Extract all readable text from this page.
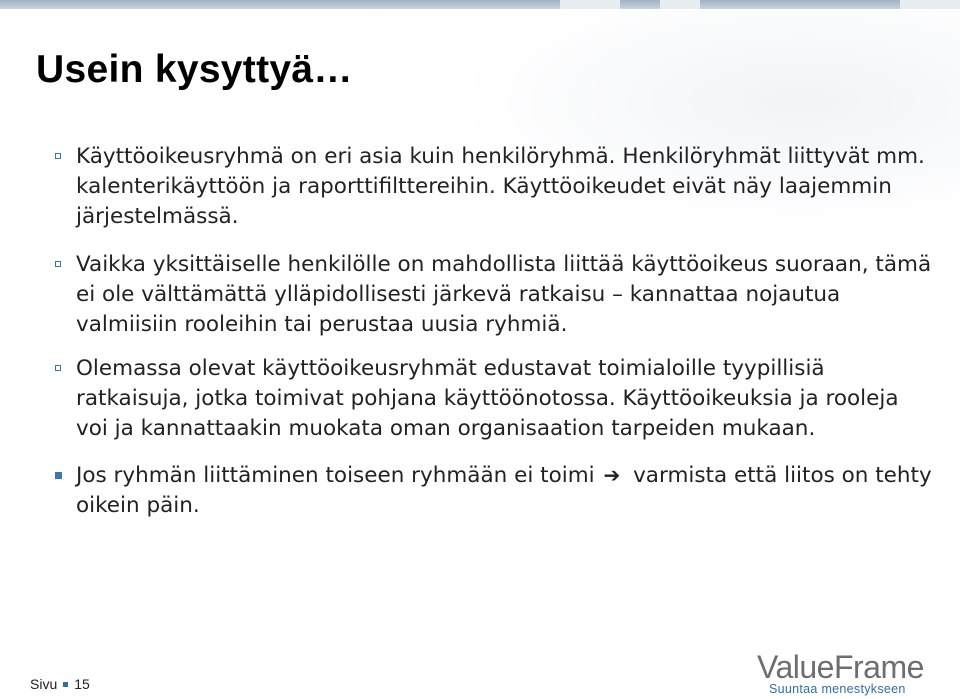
Usein kysyttyä…
Käyttöoikeusryhmä on eri asia kuin henkilöryhmä. Henkilöryhmät liittyvät mm. kalenterikäyttöön ja raporttifilttereihin. Käyttöoikeudet eivät näy laajemmin järjestelmässä.
Vaikka yksittäiselle henkilölle on mahdollista liittää käyttöoikeus suoraan, tämä ei ole välttämättä ylläpidollisesti järkevä ratkaisu – kannattaa nojautua valmiisiin rooleihin tai perustaa uusia ryhmiä.
Olemassa olevat käyttöoikeusryhmät edustavat toimialoille tyypillisiä ratkaisuja, jotka toimivat pohjana käyttöönotossa. Käyttöoikeuksia ja rooleja voi ja kannattaakin muokata oman organisaation tarpeiden mukaan.
Jos ryhmän liittäminen toiseen ryhmään ei toimi ➔ varmista että liitos on tehty oikein päin.
Sivu 15	ValueFrame
Suuntaa menestykseen
